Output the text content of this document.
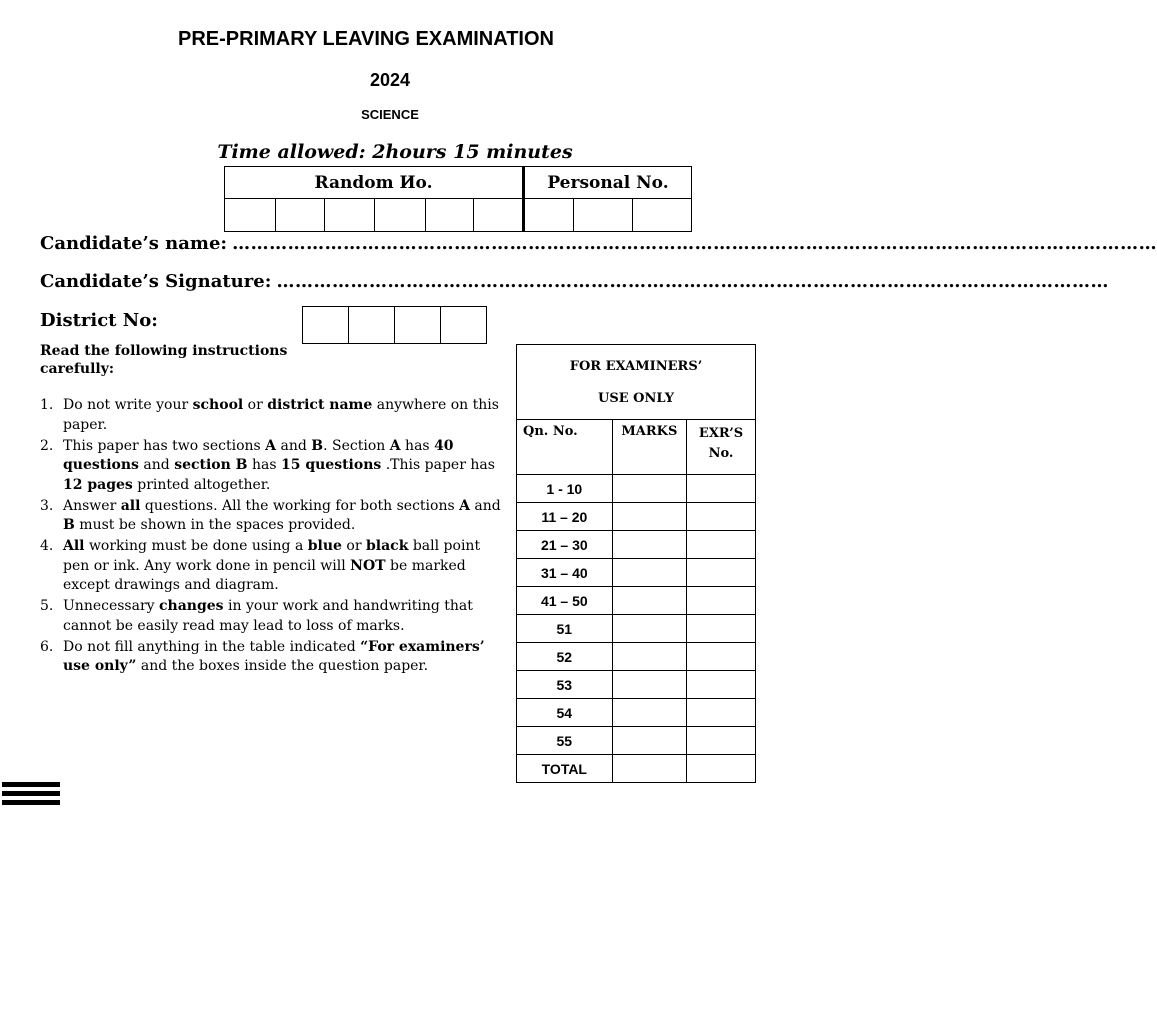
PRE-PRIMARY LEAVING EXAMINATION
2024
SCIENCE
Time allowed: 2hours 15 minutes
Random Иo.	Personal No.
Candidate’s name: ……………………………………………………………………………………………………………………………………
Candidate’s Signature: ………………………………………………………………………………………………………………………
District No:
Read the following instructions carefully:
1. Do not write your school or district name anywhere on this paper.
2. This paper has two sections A and B. Section A has 40 questions and section B has 15 questions .This paper has 12 pages printed altogether.
3. Answer all questions. All the working for both sections A and B must be shown in the spaces provided.
4. All working must be done using a blue or black ball point pen or ink. Any work done in pencil will NOT be marked except drawings and diagram.
5. Unnecessary changes in your work and handwriting that cannot be easily read may lead to loss of marks.
6. Do not fill anything in the table indicated “For examiners’ use only” and the boxes inside the question paper.
FOR EXAMINERS’
USE ONLY		

Qn. No.	MARKS	EXR’S No.
1 - 10		
11 – 20		
21 – 30		
31 – 40		
41 – 50		
51		
52		
53		
54		
55		
TOTAL		
